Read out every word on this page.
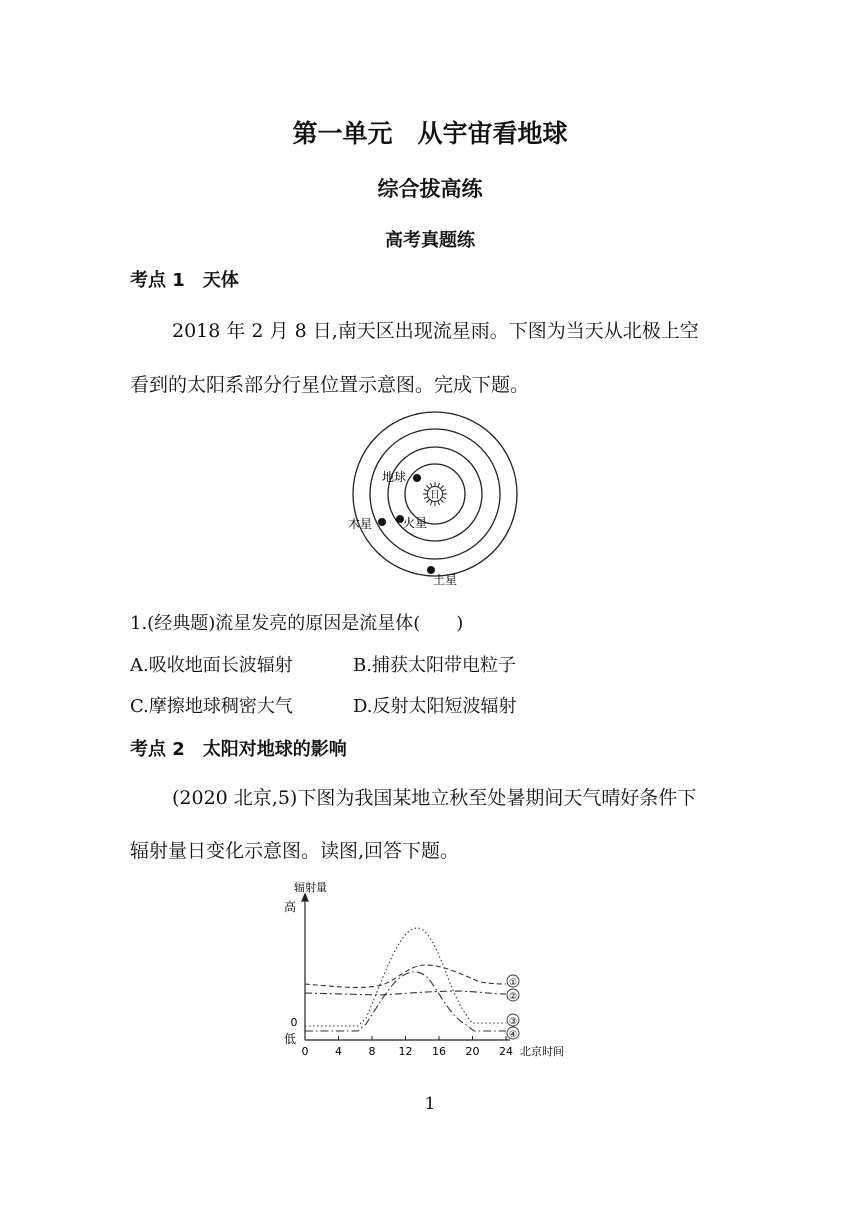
第一单元　从宇宙看地球
综合拔高练
高考真题练
考点 1　天体
2018 年 2 月 8 日,南天区出现流星雨。下图为当天从北极上空
看到的太阳系部分行星位置示意图。完成下题。
日
地球
火星
木星
土星
1.(经典题)流星发亮的原因是流星体(　　)
A.吸收地面长波辐射	B.捕获太阳带电粒子
C.摩擦地球稠密大气	D.反射太阳短波辐射
考点 2　太阳对地球的影响
(2020 北京,5)下图为我国某地立秋至处暑期间天气晴好条件下
辐射量日变化示意图。读图,回答下题。
辐射量
高
0
低
0 4 8 12 16 20 24 北京时间
①
②
③
④
1
